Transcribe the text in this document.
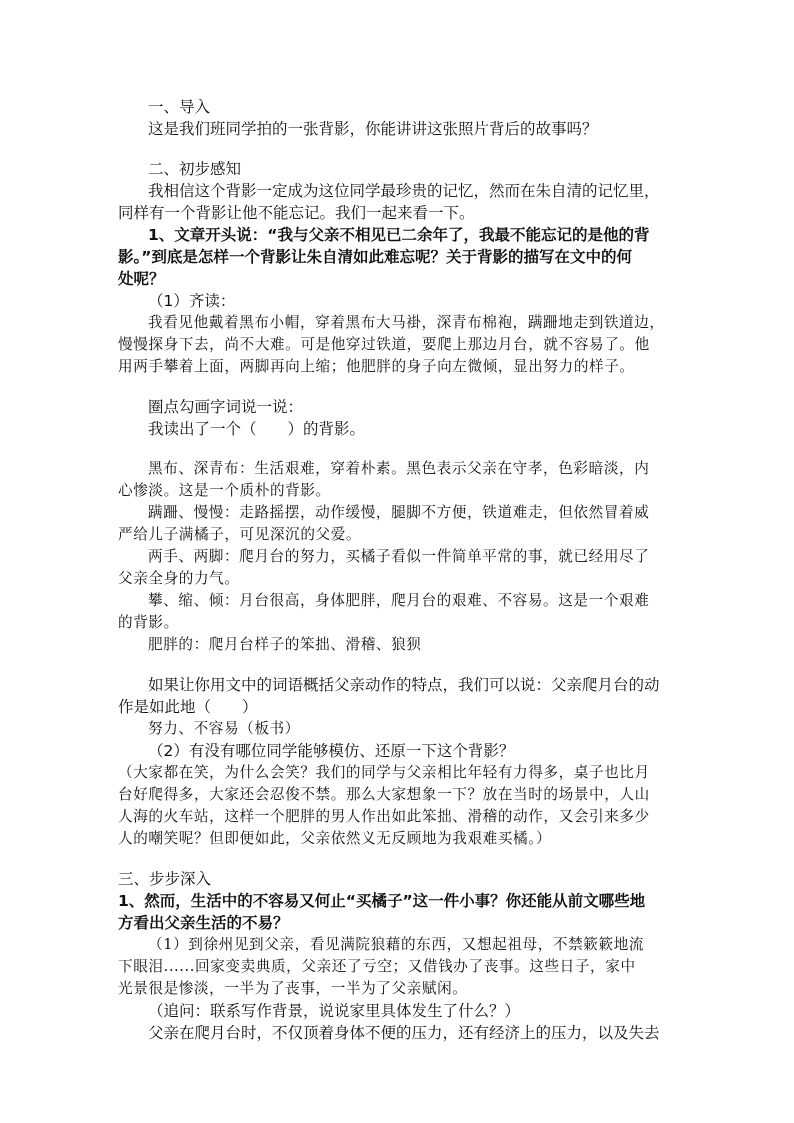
一、导入
这是我们班同学拍的一张背影，你能讲讲这张照片背后的故事吗？
二、初步感知
我相信这个背影一定成为这位同学最珍贵的记忆，然而在朱自清的记忆里，
同样有一个背影让他不能忘记。我们一起来看一下。
1、文章开头说：“我与父亲不相见已二余年了，我最不能忘记的是他的背
影。”到底是怎样一个背影让朱自清如此难忘呢？关于背影的描写在文中的何
处呢？
（1）齐读：
我看见他戴着黑布小帽，穿着黑布大马褂，深青布棉袍，蹒跚地走到铁道边，
慢慢探身下去，尚不大难。可是他穿过铁道，要爬上那边月台，就不容易了。他
用两手攀着上面，两脚再向上缩；他肥胖的身子向左微倾，显出努力的样子。
圈点勾画字词说一说：
我读出了一个（　　）的背影。
黑布、深青布：生活艰难，穿着朴素。黑色表示父亲在守孝，色彩暗淡，内
心惨淡。这是一个质朴的背影。
蹒跚、慢慢：走路摇摆，动作缓慢，腿脚不方便，铁道难走，但依然冒着威
严给儿子满橘子，可见深沉的父爱。
两手、两脚：爬月台的努力，买橘子看似一件简单平常的事，就已经用尽了
父亲全身的力气。
攀、缩、倾：月台很高，身体肥胖，爬月台的艰难、不容易。这是一个艰难
的背影。
肥胖的：爬月台样子的笨拙、滑稽、狼狈
如果让你用文中的词语概括父亲动作的特点，我们可以说：父亲爬月台的动
作是如此地（　　）
努力、不容易（板书）
（2）有没有哪位同学能够模仿、还原一下这个背影？
（大家都在笑，为什么会笑？我们的同学与父亲相比年轻有力得多，桌子也比月
台好爬得多，大家还会忍俊不禁。那么大家想象一下？放在当时的场景中，人山
人海的火车站，这样一个肥胖的男人作出如此笨拙、滑稽的动作，又会引来多少
人的嘲笑呢？但即便如此，父亲依然义无反顾地为我艰难买橘。）
三、步步深入
1、然而，生活中的不容易又何止“买橘子”这一件小事？你还能从前文哪些地
方看出父亲生活的不易？
（1）到徐州见到父亲，看见满院狼藉的东西，又想起祖母，不禁簌簌地流
下眼泪......回家变卖典质，父亲还了亏空；又借钱办了丧事。这些日子，家中
光景很是惨淡，一半为了丧事，一半为了父亲赋闲。
（追问：联系写作背景，说说家里具体发生了什么？）
父亲在爬月台时，不仅顶着身体不便的压力，还有经济上的压力，以及失去
